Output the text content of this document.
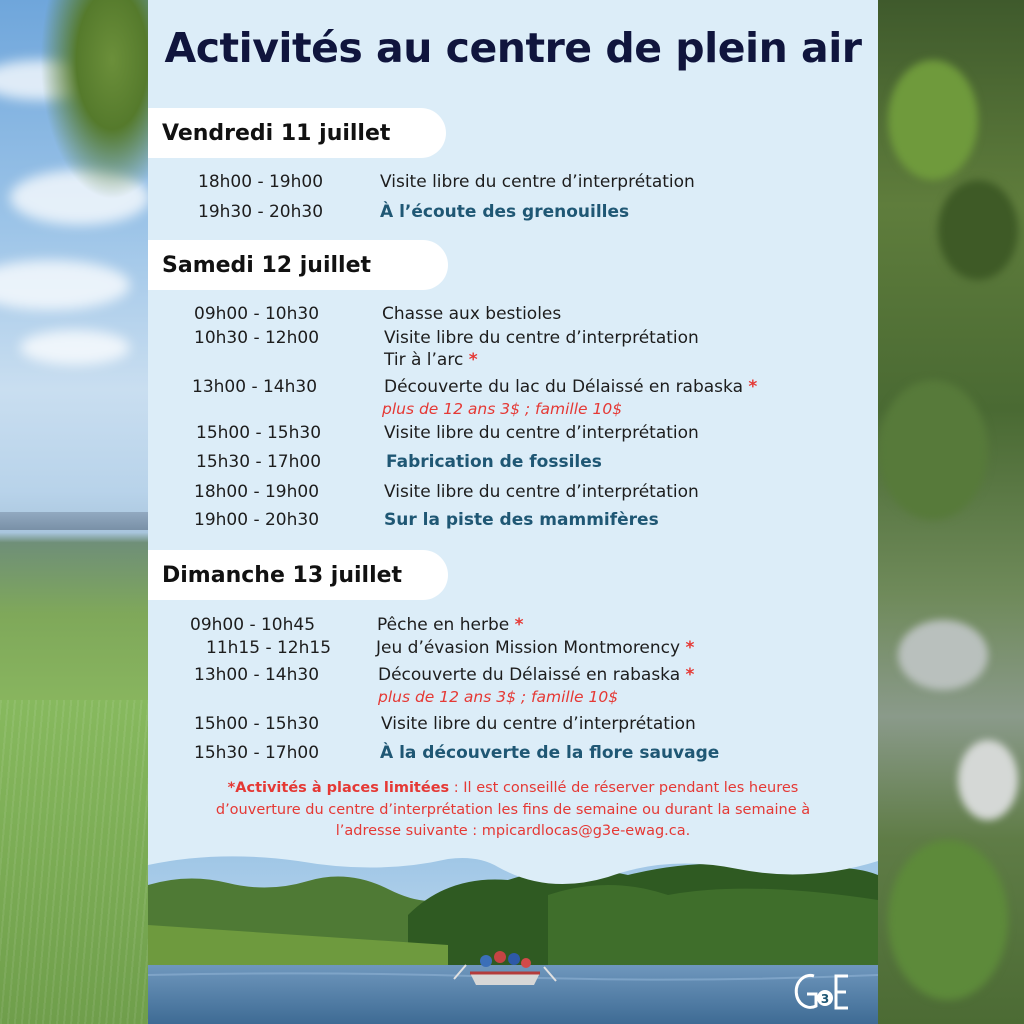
Activités au centre de plein air
Vendredi 11 juillet
18h00 - 19h00	Visite libre du centre d’interprétation
19h30 - 20h30	À l’écoute des grenouilles
Samedi 12 juillet
09h00 - 10h30	Chasse aux bestioles
10h30 - 12h00	Visite libre du centre d’interprétation
Tir à l’arc *
13h00 - 14h30	Découverte du lac du Délaissé en rabaska *
plus de 12 ans 3$ ; famille 10$
15h00 - 15h30	Visite libre du centre d’interprétation
15h30 - 17h00	Fabrication de fossiles
18h00 - 19h00	Visite libre du centre d’interprétation
19h00 - 20h30	Sur la piste des mammifères
Dimanche 13 juillet
09h00 - 10h45	Pêche en herbe *
11h15 - 12h15	Jeu d’évasion Mission Montmorency *
13h00 - 14h30	Découverte du Délaissé en rabaska *
plus de 12 ans 3$ ; famille 10$
15h00 - 15h30	Visite libre du centre d’interprétation
15h30 - 17h00	À la découverte de la flore sauvage
*Activités à places limitées : Il est conseillé de réserver pendant les heures d’ouverture du centre d’interprétation les fins de semaine ou durant la semaine à l’adresse suivante : mpicardlocas@g3e-ewag.ca.
3
